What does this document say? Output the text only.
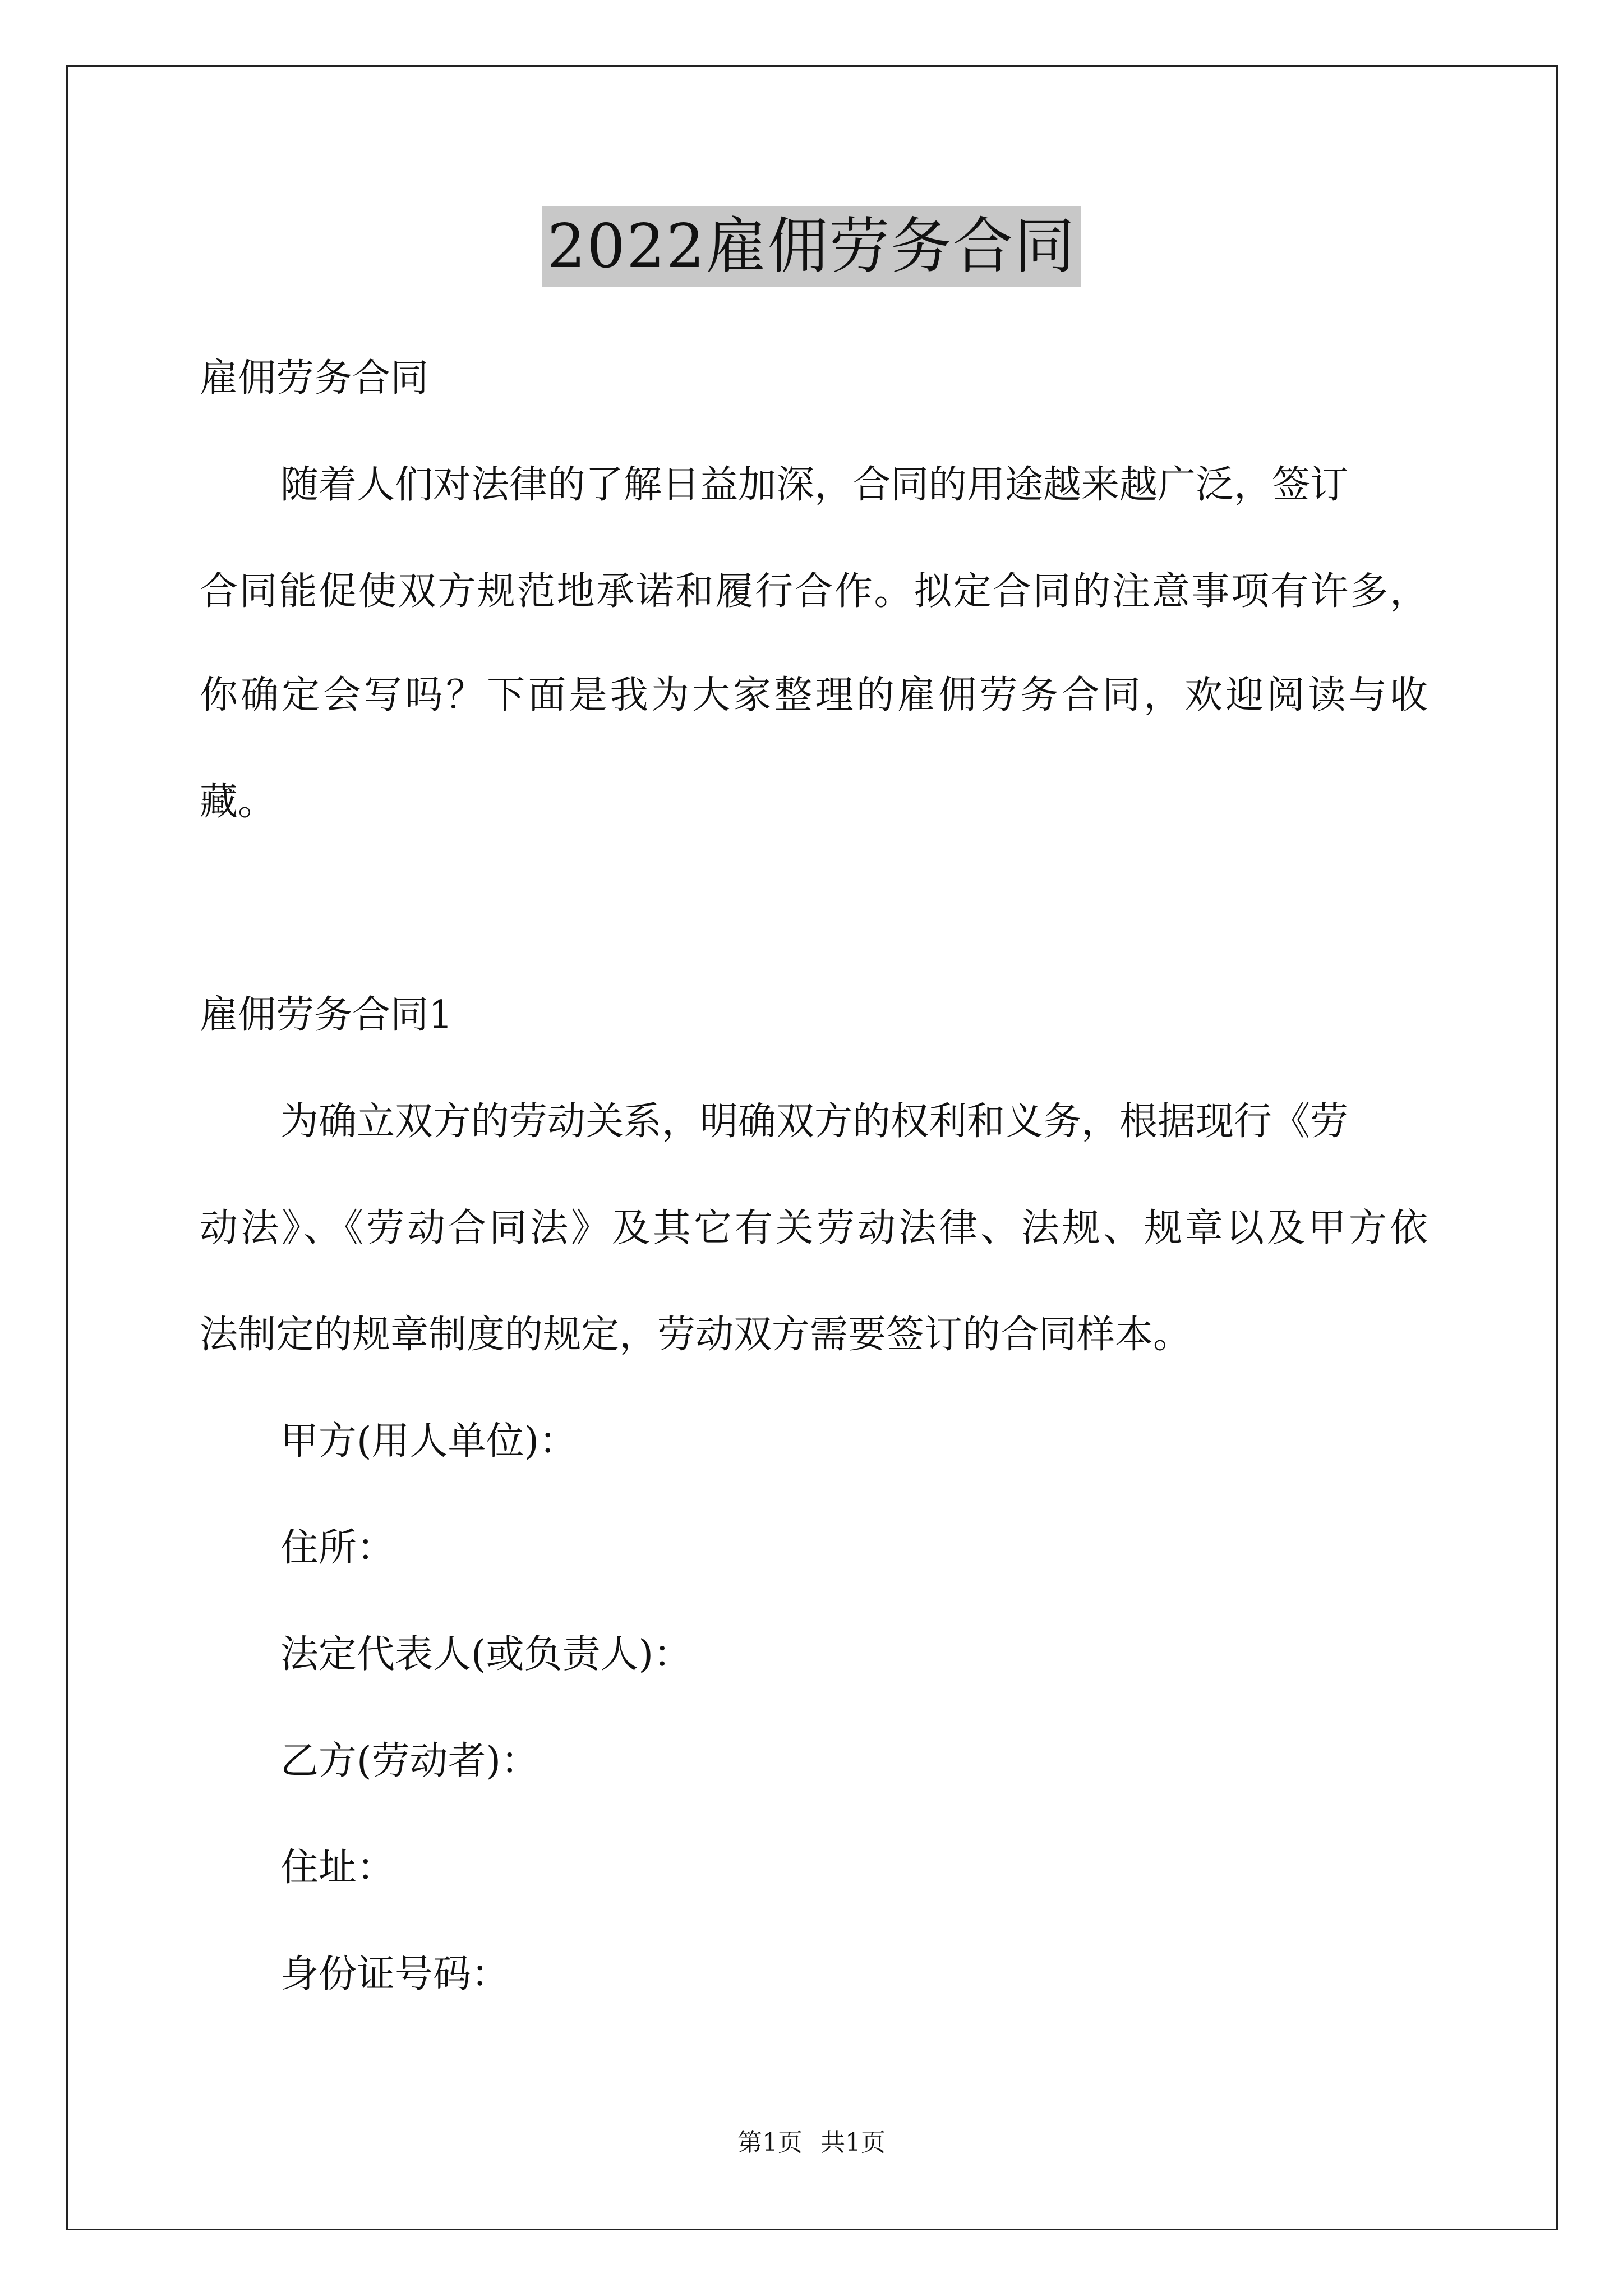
2022雇佣劳务合同
雇佣劳务合同
随着人们对法律的了解日益加深，合同的用途越来越广泛，签订
合同能促使双方规范地承诺和履行合作。拟定合同的注意事项有许多，
你确定会写吗？下面是我为大家整理的雇佣劳务合同，欢迎阅读与收
藏。
雇佣劳务合同1
为确立双方的劳动关系，明确双方的权利和义务，根据现行《劳
动法》、《劳动合同法》及其它有关劳动法律、法规、规章以及甲方依
法制定的规章制度的规定，劳动双方需要签订的合同样本。
甲方(用人单位)：
住所：
法定代表人(或负责人)：
乙方(劳动者)：
住址：
身份证号码：
第1页 共1页
